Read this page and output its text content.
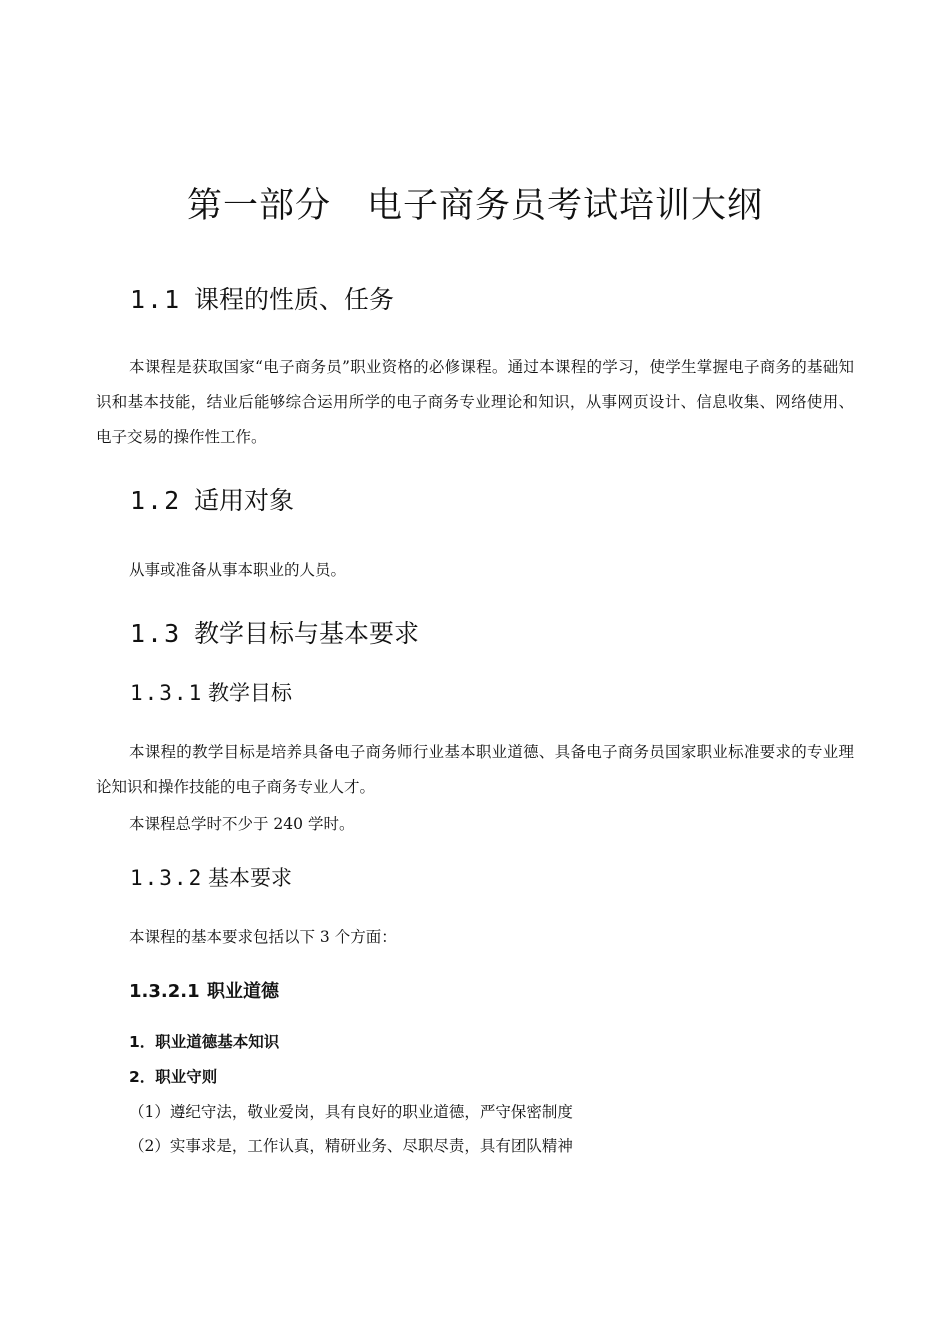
第一部分　电子商务员考试培训大纲
1.1 课程的性质、任务

本课程是获取国家“电子商务员”职业资格的必修课程。通过本课程的学习，使学生掌握电子商务的基础知识和基本技能，结业后能够综合运用所学的电子商务专业理论和知识，从事网页设计、信息收集、网络使用、电子交易的操作性工作。

1.2 适用对象

从事或准备从事本职业的人员。

1.3 教学目标与基本要求
1.3.1 教学目标

本课程的教学目标是培养具备电子商务师行业基本职业道德、具备电子商务员国家职业标准要求的专业理论知识和操作技能的电子商务专业人才。

本课程总学时不少于 240 学时。

1.3.2 基本要求

本课程的基本要求包括以下 3 个方面：

1.3.2.1 职业道德
1．职业道德基本知识
2．职业守则
（1）遵纪守法，敬业爱岗，具有良好的职业道德，严守保密制度
（2）实事求是，工作认真，精研业务、尽职尽责，具有团队精神
